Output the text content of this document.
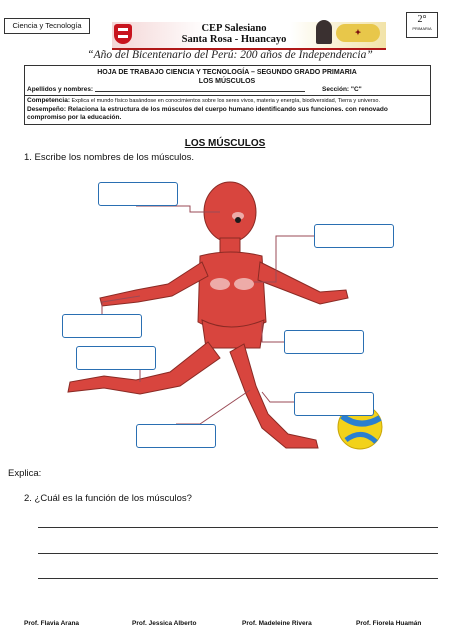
Ciencia y Tecnología
2°
PRIMARIA
CEP Salesiano
Santa Rosa - Huancayo
✦
“Año del Bicentenario del Perú: 200 años de Independencia”
HOJA DE TRABAJO CIENCIA Y TECNOLOGÍA – SEGUNDO GRADO PRIMARIA
LOS MÚSCULOS
Apellidos y nombres:	Sección: "C"
Competencia: Explica el mundo físico basándose en conocimientos sobre los seres vivos, materia y energía, biodiversidad, Tierra y universo.
Desempeño: Relaciona la estructura de los músculos del cuerpo humano identificando sus funciones. con renovado compromiso por la educación.
LOS MÚSCULOS
1. Escribe los nombres de los músculos.
Explica:
2. ¿Cuál es la función de los músculos?
Prof. Flavia Arana	Prof. Jessica Alberto	Prof. Madeleine Rivera	Prof. Fiorela Huamán
